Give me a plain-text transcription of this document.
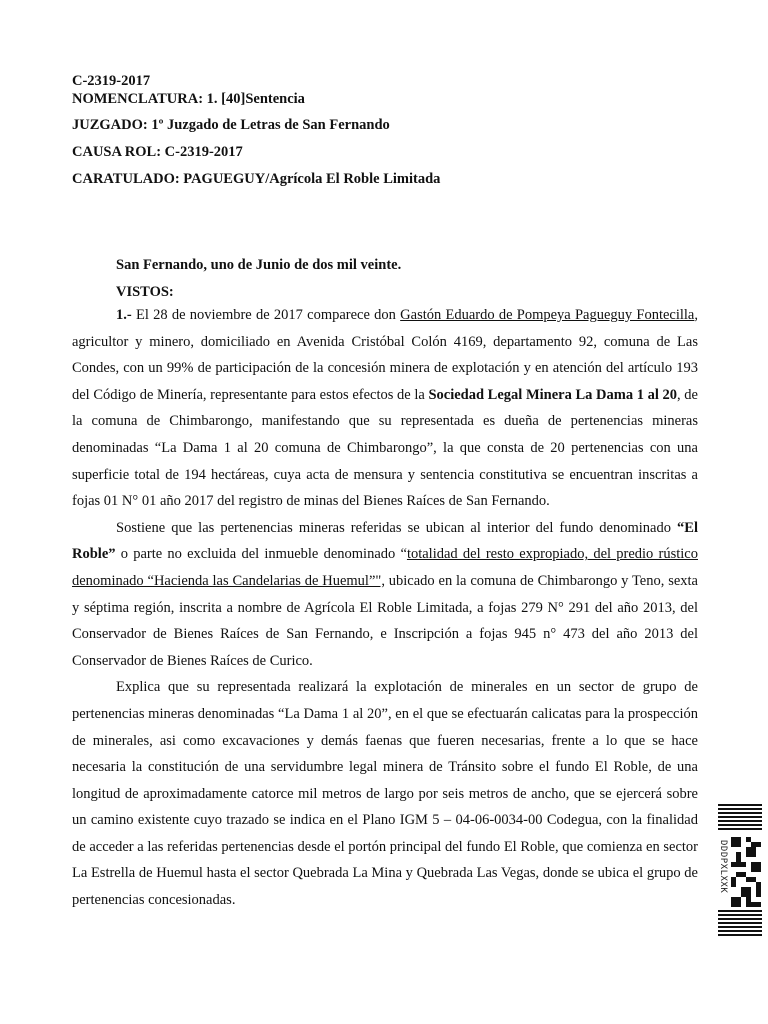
C-2319-2017

NOMENCLATURA: 1. [40]Sentencia

JUZGADO: 1º Juzgado de Letras de San Fernando

CAUSA ROL: C-2319-2017

CARATULADO: PAGUEGUY/Agrícola El Roble Limitada

San Fernando, uno de Junio de dos mil veinte.

VISTOS:

1.- El 28 de noviembre de 2017 comparece don Gastón Eduardo de Pompeya Pagueguy Fontecilla, agricultor y minero, domiciliado en Avenida Cristóbal Colón 4169, departamento 92, comuna de Las Condes, con un 99% de participación de la concesión minera de explotación y en atención del artículo 193 del Código de Minería, representante para estos efectos de la Sociedad Legal Minera La Dama 1 al 20, de la comuna de Chimbarongo, manifestando que su representada es dueña de pertenencias mineras denominadas “La Dama 1 al 20 comuna de Chimbarongo”, la que consta de 20 pertenencias con una superficie total de 194 hectáreas, cuya acta de mensura y sentencia constitutiva se encuentran inscritas a fojas 01 N° 01 año 2017 del registro de minas del Bienes Raíces de San Fernando.

Sostiene que las pertenencias mineras referidas se ubican al interior del fundo denominado “El Roble” o parte no excluida del inmueble denominado “totalidad del resto expropiado, del predio rústico denominado “Hacienda las Candelarias de Huemul”", ubicado en la comuna de Chimbarongo y Teno, sexta y séptima región, inscrita a nombre de Agrícola El Roble Limitada, a fojas 279 N° 291 del año 2013, del Conservador de Bienes Raíces de San Fernando, e Inscripción a fojas 945 n° 473 del año 2013 del Conservador de Bienes Raíces de Curico.

Explica que su representada realizará la explotación de minerales en un sector de grupo de pertenencias mineras denominadas “La Dama 1 al 20”, en el que se efectuarán calicatas para la prospección de minerales, asi como excavaciones y demás faenas que fueren necesarias, frente a lo que se hace necesaria la constitución de una servidumbre legal minera de Tránsito sobre el fundo El Roble, de una longitud de aproximadamente catorce mil metros de largo por seis metros de ancho, que se ejercerá sobre un camino existente cuyo trazado se indica en el Plano IGM 5 – 04-06-0034-00 Codegua, con la finalidad de acceder a las referidas pertenencias desde el portón principal del fundo El Roble, que comienza en sector La Estrella de Huemul hasta el sector Quebrada La Mina y Quebrada Las Vegas, donde se ubica el grupo de pertenencias concesionadas.

DDDPXLXXK
